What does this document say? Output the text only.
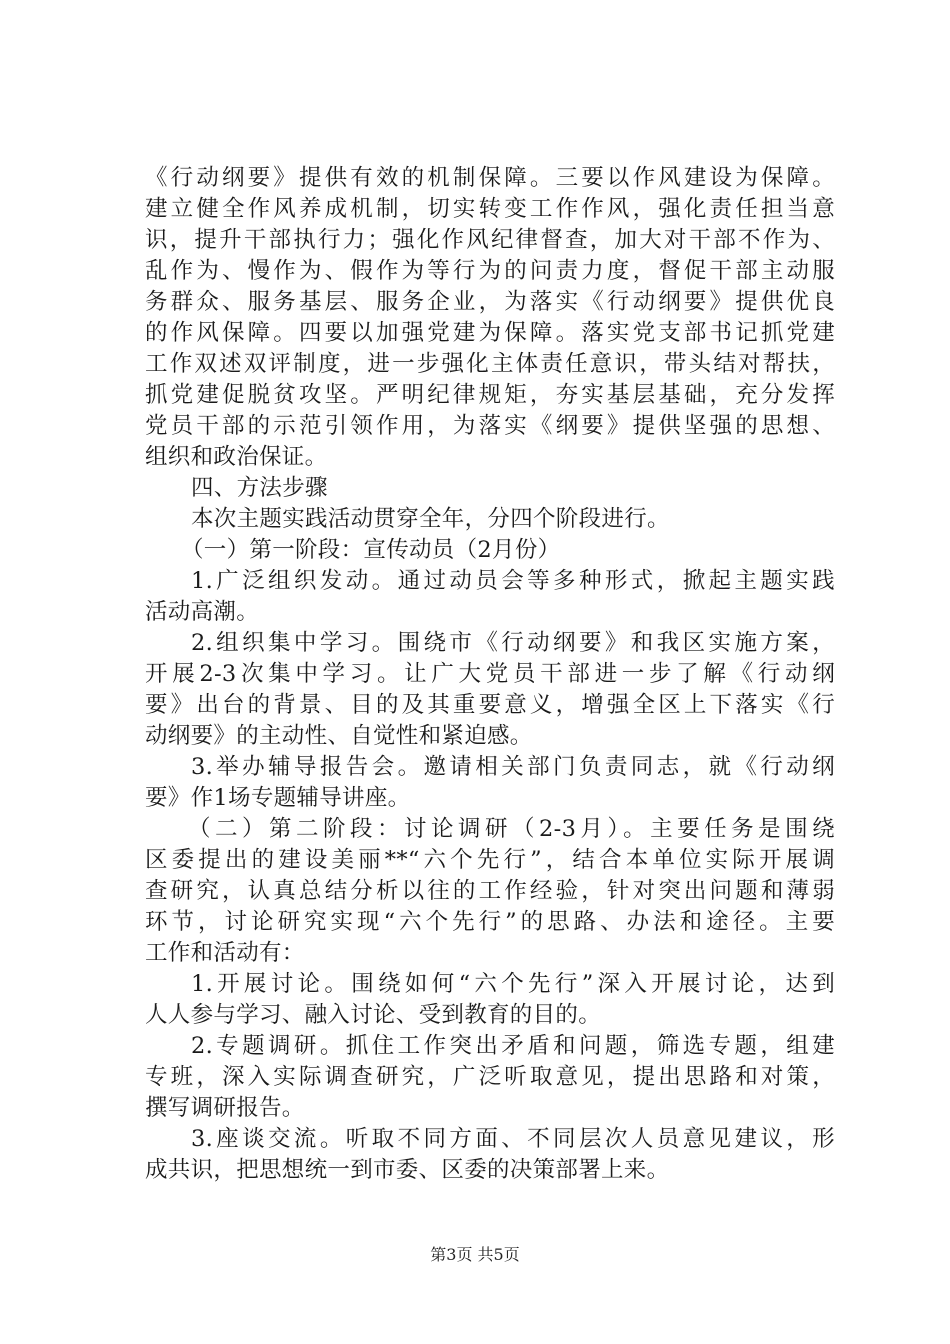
《行动纲要》提供有效的机制保障。三要以作风建设为保障。
建立健全作风养成机制，切实转变工作作风，强化责任担当意
识，提升干部执行力；强化作风纪律督查，加大对干部不作为、
乱作为、慢作为、假作为等行为的问责力度，督促干部主动服
务群众、服务基层、服务企业，为落实《行动纲要》提供优良
的作风保障。四要以加强党建为保障。落实党支部书记抓党建
工作双述双评制度，进一步强化主体责任意识，带头结对帮扶，
抓党建促脱贫攻坚。严明纪律规矩，夯实基层基础，充分发挥
党员干部的示范引领作用，为落实《纲要》提供坚强的思想、
组织和政治保证。
四、方法步骤
本次主题实践活动贯穿全年，分四个阶段进行。
（一）第一阶段：宣传动员（2月份）
1.广泛组织发动。通过动员会等多种形式，掀起主题实践
活动高潮。
2.组织集中学习。围绕市《行动纲要》和我区实施方案，
开展2-3次集中学习。让广大党员干部进一步了解《行动纲
要》出台的背景、目的及其重要意义，增强全区上下落实《行
动纲要》的主动性、自觉性和紧迫感。
3.举办辅导报告会。邀请相关部门负责同志，就《行动纲
要》作1场专题辅导讲座。
（二）第二阶段：讨论调研（2-3月）。主要任务是围绕
区委提出的建设美丽**“六个先行”，结合本单位实际开展调
查研究，认真总结分析以往的工作经验，针对突出问题和薄弱
环节，讨论研究实现“六个先行”的思路、办法和途径。主要
工作和活动有：
1.开展讨论。围绕如何“六个先行”深入开展讨论，达到
人人参与学习、融入讨论、受到教育的目的。
2.专题调研。抓住工作突出矛盾和问题，筛选专题，组建
专班，深入实际调查研究，广泛听取意见，提出思路和对策，
撰写调研报告。
3.座谈交流。听取不同方面、不同层次人员意见建议，形
成共识，把思想统一到市委、区委的决策部署上来。
第3页 共5页
